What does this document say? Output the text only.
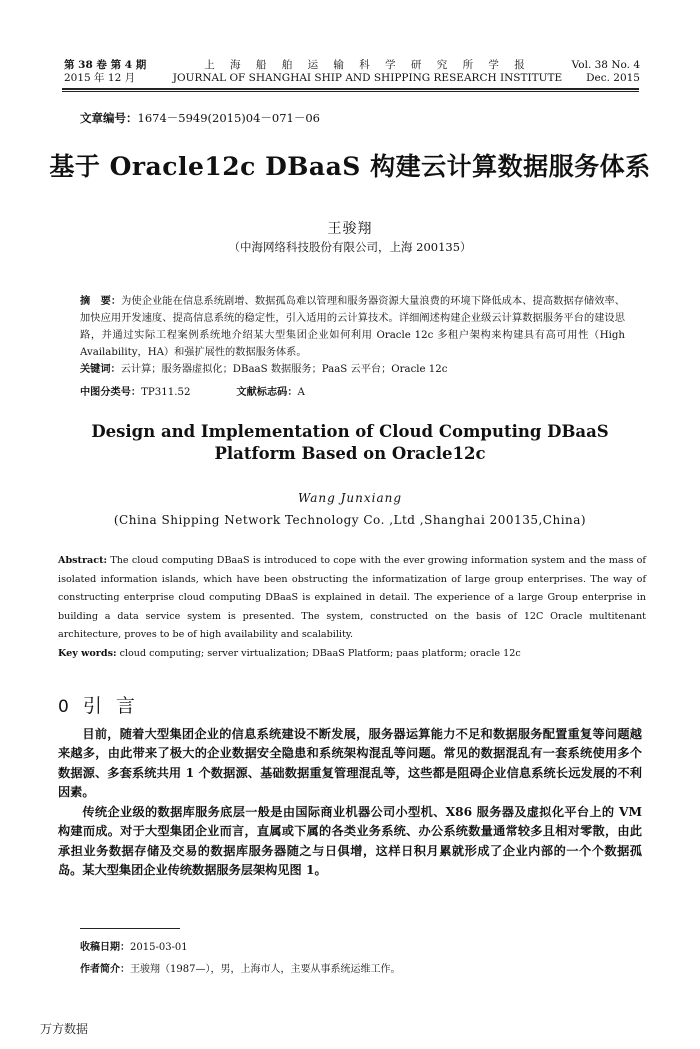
第 38 卷 第 4 期
2015 年 12 月
上 海 船 舶 运 输 科 学 研 究 所 学 报
JOURNAL OF SHANGHAI SHIP AND SHIPPING RESEARCH INSTITUTE
Vol. 38 No. 4
Dec. 2015
文章编号：1674－5949(2015)04－071－06
基于 Oracle12c DBaaS 构建云计算数据服务体系
王骏翔
（中海网络科技股份有限公司，上海 200135）

摘　要：为使企业能在信息系统剧增、数据孤岛难以管理和服务器资源大量浪费的环境下降低成本、提高数据存储效率、加快应用开发速度、提高信息系统的稳定性，引入适用的云计算技术。详细阐述构建企业级云计算数据服务平台的建设思路，并通过实际工程案例系统地介绍某大型集团企业如何利用 Oracle 12c 多租户架构来构建具有高可用性（High Availability，HA）和强扩展性的数据服务体系。

关键词：云计算；服务器虚拟化；DBaaS 数据服务；PaaS 云平台；Oracle 12c

中图分类号：TP311.52	文献标志码：A
Design and Implementation of Cloud Computing DBaaS
Platform Based on Oracle12c
Wang Junxiang
(China Shipping Network Technology Co. ,Ltd ,Shanghai 200135,China)

Abstract: The cloud computing DBaaS is introduced to cope with the ever growing information system and the mass of isolated information islands, which have been obstructing the informatization of large group enterprises. The way of constructing enterprise cloud computing DBaaS is explained in detail. The experience of a large Group enterprise in building a data service system is presented. The system, constructed on the basis of 12C Oracle multitenant architecture, proves to be of high availability and scalability.

Key words: cloud computing; server virtualization; DBaaS Platform; paas platform; oracle 12c
0 引言

目前，随着大型集团企业的信息系统建设不断发展，服务器运算能力不足和数据服务配置重复等问题越来越多，由此带来了极大的企业数据安全隐患和系统架构混乱等问题。常见的数据混乱有一套系统使用多个数据源、多套系统共用 1 个数据源、基础数据重复管理混乱等，这些都是阻碍企业信息系统长远发展的不利因素。

传统企业级的数据库服务底层一般是由国际商业机器公司小型机、X86 服务器及虚拟化平台上的 VM 构建而成。对于大型集团企业而言，直属或下属的各类业务系统、办公系统数量通常较多且相对零散，由此承担业务数据存储及交易的数据库服务器随之与日俱增，这样日积月累就形成了企业内部的一个个数据孤岛。某大型集团企业传统数据服务层架构见图 1。

收稿日期：2015-03-01
作者简介：王骏翔（1987—），男，上海市人，主要从事系统运维工作。
万方数据
